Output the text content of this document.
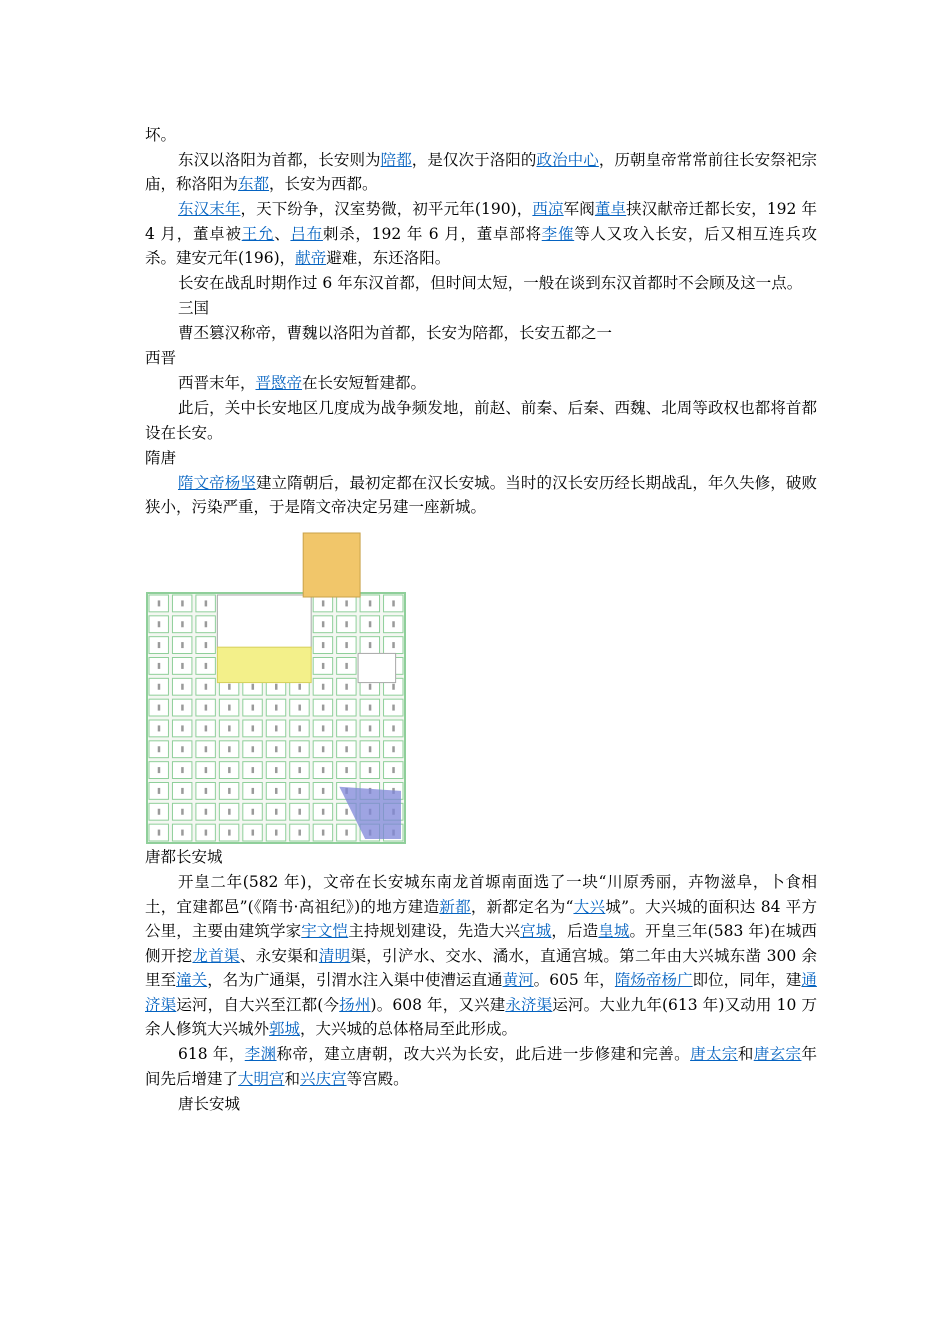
坏。

东汉以洛阳为首都，长安则为陪都，是仅次于洛阳的政治中心，历朝皇帝常常前往长安祭祀宗庙，称洛阳为东都，长安为西都。

东汉末年，天下纷争，汉室势微，初平元年(190)，西凉军阀董卓挟汉献帝迁都长安，192 年 4 月，董卓被王允、吕布刺杀，192 年 6 月，董卓部将李傕等人又攻入长安，后又相互连兵攻杀。建安元年(196)，献帝避难，东还洛阳。

长安在战乱时期作过 6 年东汉首都，但时间太短，一般在谈到东汉首都时不会顾及这一点。

三国

曹丕篡汉称帝，曹魏以洛阳为首都，长安为陪都，长安五都之一

西晋

西晋末年，晋愍帝在长安短暂建都。

此后，关中长安地区几度成为战争频发地，前赵、前秦、后秦、西魏、北周等政权也都将首都设在长安。

隋唐

隋文帝杨坚建立隋朝后，最初定都在汉长安城。当时的汉长安历经长期战乱，年久失修，破败狭小，污染严重，于是隋文帝决定另建一座新城。

唐都长安城

开皇二年(582 年)，文帝在长安城东南龙首塬南面选了一块“川原秀丽，卉物滋阜，卜食相土，宜建都邑”(《隋书·高祖纪》)的地方建造新都，新都定名为“大兴城”。大兴城的面积达 84 平方公里，主要由建筑学家宇文恺主持规划建设，先造大兴宫城，后造皇城。开皇三年(583 年)在城西侧开挖龙首渠、永安渠和清明渠，引浐水、交水、潏水，直通宫城。第二年由大兴城东凿 300 余里至潼关，名为广通渠，引渭水注入渠中使漕运直通黄河。605 年，隋炀帝杨广即位，同年，建通济渠运河，自大兴至江都(今扬州)。608 年，又兴建永济渠运河。大业九年(613 年)又动用 10 万余人修筑大兴城外郭城，大兴城的总体格局至此形成。

618 年，李渊称帝，建立唐朝，改大兴为长安，此后进一步修建和完善。唐太宗和唐玄宗年间先后增建了大明宫和兴庆宫等宫殿。

唐长安城
